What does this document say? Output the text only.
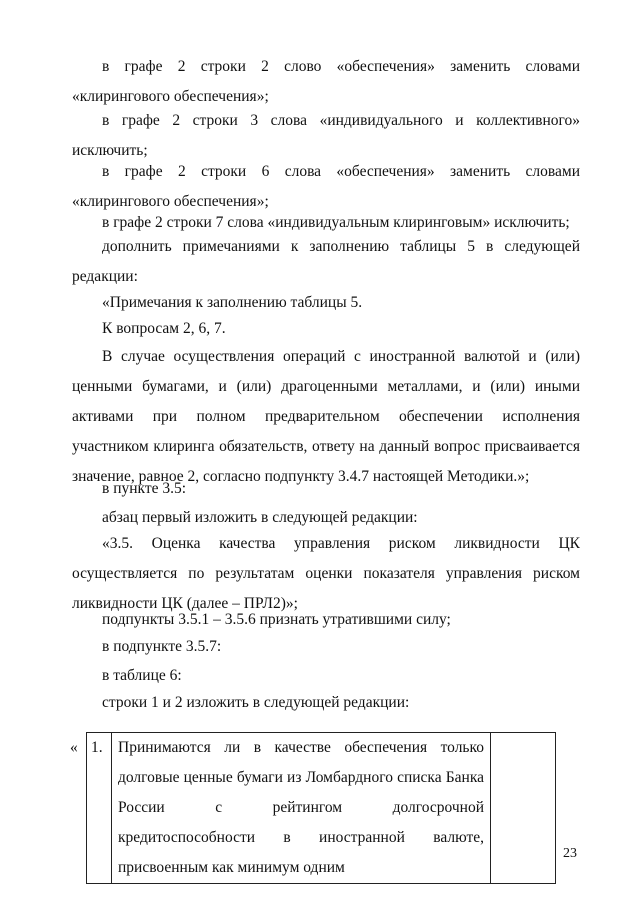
в графе 2 строки 2 слово «обеспечения» заменить словами «клирингового обеспечения»;

в графе 2 строки 3 слова «индивидуального и коллективного» исключить;

в графе 2 строки 6 слова «обеспечения» заменить словами «клирингового обеспечения»;

в графе 2 строки 7 слова «индивидуальным клиринговым» исключить;

дополнить примечаниями к заполнению таблицы 5 в следующей редакции:

«Примечания к заполнению таблицы 5.

К вопросам 2, 6, 7.

В случае осуществления операций с иностранной валютой и (или) ценными бумагами, и (или) драгоценными металлами, и (или) иными активами при полном предварительном обеспечении исполнения участником клиринга обязательств, ответу на данный вопрос присваивается значение, равное 2, согласно подпункту 3.4.7 настоящей Методики.»;

в пункте 3.5:

абзац первый изложить в следующей редакции:

«3.5. Оценка качества управления риском ликвидности ЦК осуществляется по результатам оценки показателя управления риском ликвидности ЦК (далее – ПРЛ2)»;

подпункты 3.5.1 – 3.5.6 признать утратившими силу;

в подпункте 3.5.7:

в таблице 6:

строки 1 и 2 изложить в следующей редакции:

« 1.	Принимаются ли в качестве обеспечения только долговые ценные бумаги из Ломбардного списка Банка России с рейтингом долгосрочной кредитоспособности в иностранной валюте, присвоенным как минимум одним	
23
